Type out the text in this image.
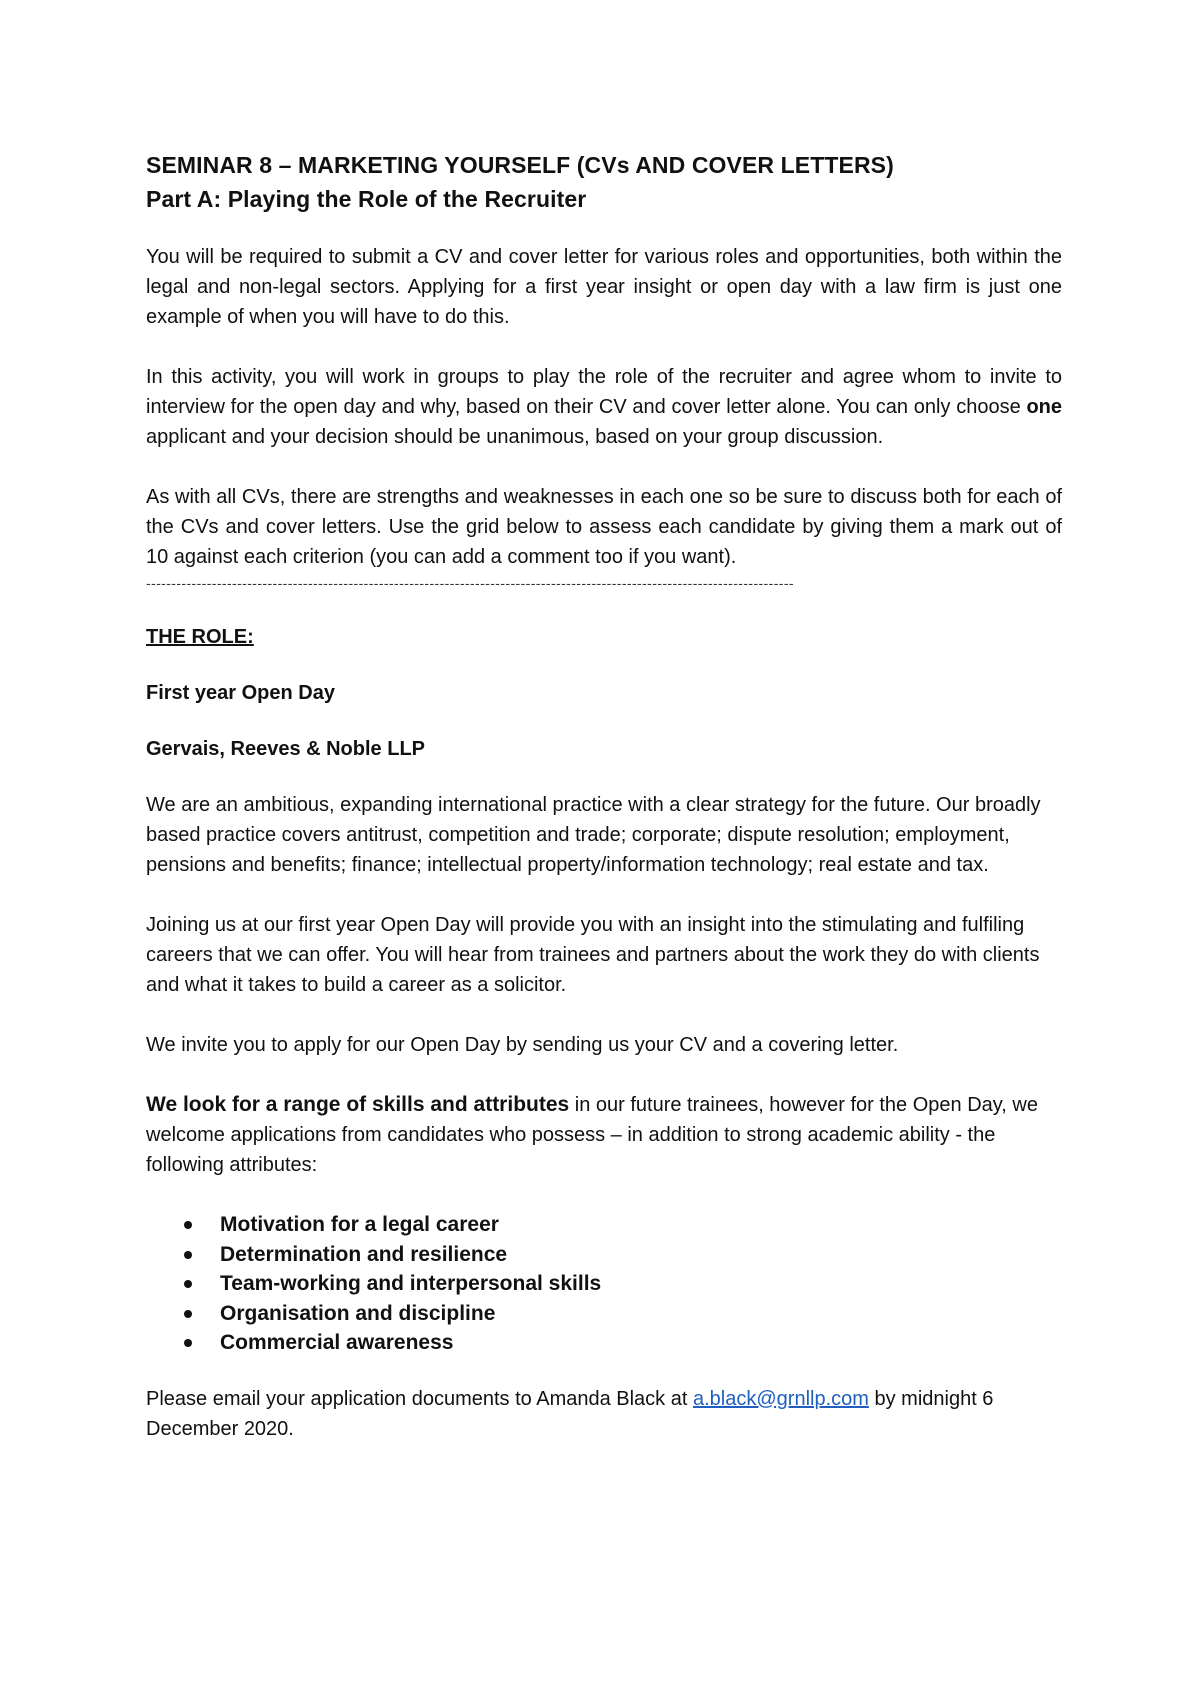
SEMINAR 8 – MARKETING YOURSELF (CVs AND COVER LETTERS)
Part A: Playing the Role of the Recruiter

You will be required to submit a CV and cover letter for various roles and opportunities, both within the legal and non-legal sectors. Applying for a first year insight or open day with a law firm is just one example of when you will have to do this.

In this activity, you will work in groups to play the role of the recruiter and agree whom to invite to interview for the open day and why, based on their CV and cover letter alone. You can only choose one applicant and your decision should be unanimous, based on your group discussion.

As with all CVs, there are strengths and weaknesses in each one so be sure to discuss both for each of the CVs and cover letters. Use the grid below to assess each candidate by giving them a mark out of 10 against each criterion (you can add a comment too if you want).

--------------------------------------------------------------------------------------------------------------------------------

THE ROLE:

First year Open Day

Gervais, Reeves & Noble LLP

We are an ambitious, expanding international practice with a clear strategy for the future. Our broadly based practice covers antitrust, competition and trade; corporate; dispute resolution; employment, pensions and benefits; finance; intellectual property/information technology; real estate and tax.

Joining us at our first year Open Day will provide you with an insight into the stimulating and fulfiling careers that we can offer. You will hear from trainees and partners about the work they do with clients and what it takes to build a career as a solicitor.

We invite you to apply for our Open Day by sending us your CV and a covering letter.

We look for a range of skills and attributes in our future trainees, however for the Open Day, we welcome applications from candidates who possess – in addition to strong academic ability - the following attributes:

Motivation for a legal career
Determination and resilience
Team-working and interpersonal skills
Organisation and discipline
Commercial awareness

Please email your application documents to Amanda Black at a.black@grnllp.com by midnight 6 December 2020.
